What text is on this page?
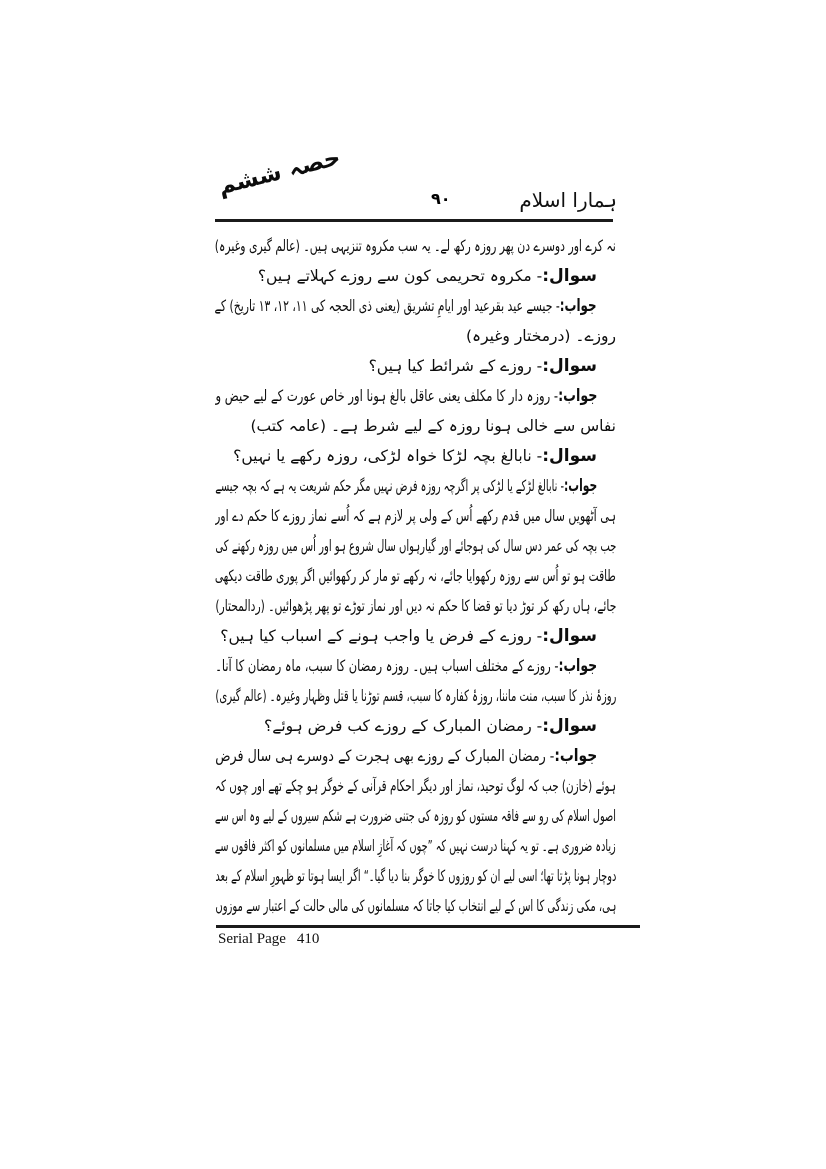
ہمارا اسلام
۹۰
حصہ ششم
نہ کرے اور دوسرے دن پھر روزہ رکھ لے۔ یہ سب مکروہ تنزیہی ہیں۔ (عالم گیری وغیرہ)
سوال:- مکروہ تحریمی کون سے روزے کہلاتے ہیں؟
جواب:- جیسے عید بقرعید اور ایامِ تشریق (یعنی ذی الحجہ کی ۱۱، ۱۲، ۱۳ تاریخ) کے
روزے۔ (درمختار وغیرہ)
سوال:- روزے کے شرائط کیا ہیں؟
جواب:- روزہ دار کا مکلف یعنی عاقل بالغ ہونا اور خاص عورت کے لیے حیض و
نفاس سے خالی ہونا روزہ کے لیے شرط ہے۔ (عامہ کتب)
سوال:- نابالغ بچہ لڑکا خواہ لڑکی، روزہ رکھے یا نہیں؟
جواب:- نابالغ لڑکے یا لڑکی پر اگرچہ روزہ فرض نہیں مگر حکم شریعت یہ ہے کہ بچہ جیسے
ہی آٹھویں سال میں قدم رکھے اُس کے ولی پر لازم ہے کہ اُسے نماز روزے کا حکم دے اور
جب بچہ کی عمر دس سال کی ہوجائے اور گیارہواں سال شروع ہو اور اُس میں روزہ رکھنے کی
طاقت ہو تو اُس سے روزہ رکھوایا جائے، نہ رکھے تو مار کر رکھوائیں اگر پوری طاقت دیکھی
جائے، ہاں رکھ کر توڑ دیا تو قضا کا حکم نہ دیں اور نماز توڑے تو پھر پڑھوائیں۔ (ردالمحتار)
سوال:- روزے کے فرض یا واجب ہونے کے اسباب کیا ہیں؟
جواب:- روزے کے مختلف اسباب ہیں۔ روزہ رمضان کا سبب، ماہ رمضان کا آنا۔
روزۂ نذر کا سبب، منت ماننا، روزۂ کفارہ کا سبب، قسم توڑنا یا قتل وظہار وغیرہ۔ (عالم گیری)
سوال:- رمضان المبارک کے روزے کب فرض ہوئے؟
جواب:- رمضان المبارک کے روزے بھی ہجرت کے دوسرے ہی سال فرض
ہوئے (خازن) جب کہ لوگ توحید، نماز اور دیگر احکام قرآنی کے خوگر ہو چکے تھے اور چوں کہ
اصول اسلام کی رو سے فاقہ مستوں کو روزہ کی جتنی ضرورت ہے شکم سیروں کے لیے وہ اس سے
زیادہ ضروری ہے۔ تو یہ کہنا درست نہیں کہ ”چوں کہ آغازِ اسلام میں مسلمانوں کو اکثر فاقوں سے
دوچار ہونا پڑتا تھا؛ اسی لیے ان کو روزوں کا خوگر بنا دیا گیا۔“ اگر ایسا ہوتا تو ظہورِ اسلام کے بعد
ہی، مکی زندگی کا اس کے لیے انتخاب کیا جاتا کہ مسلمانوں کی مالی حالت کے اعتبار سے موزوں
Serial Page 410
